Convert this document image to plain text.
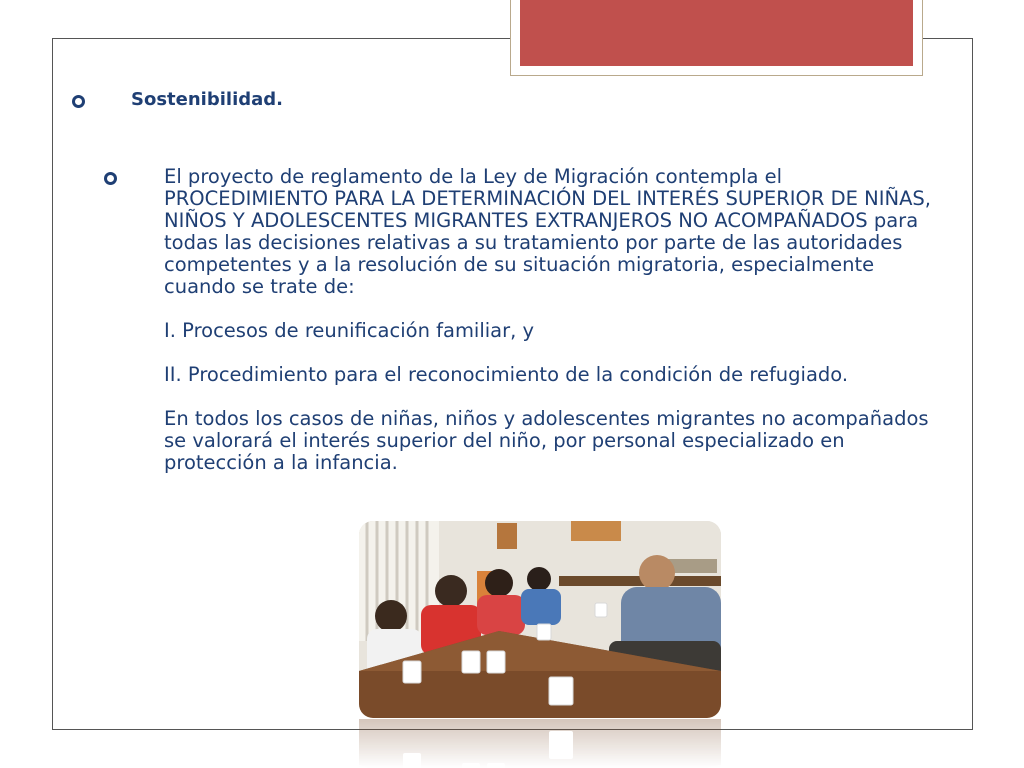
Sostenibilidad.

El proyecto de reglamento de la Ley de Migración contempla el PROCEDIMIENTO PARA LA DETERMINACIÓN DEL INTERÉS SUPERIOR DE NIÑAS, NIÑOS Y ADOLESCENTES MIGRANTES EXTRANJEROS NO ACOMPAÑADOS para todas las decisiones relativas a su tratamiento por parte de las autoridades competentes y a la resolución de su situación migratoria, especialmente cuando se trate de:

I. Procesos de reunificación familiar, y

II. Procedimiento para el reconocimiento de la condición de refugiado.

En todos los casos de niñas, niños y adolescentes migrantes no acompañados se valorará el interés superior del niño, por personal especializado en protección a la infancia.
